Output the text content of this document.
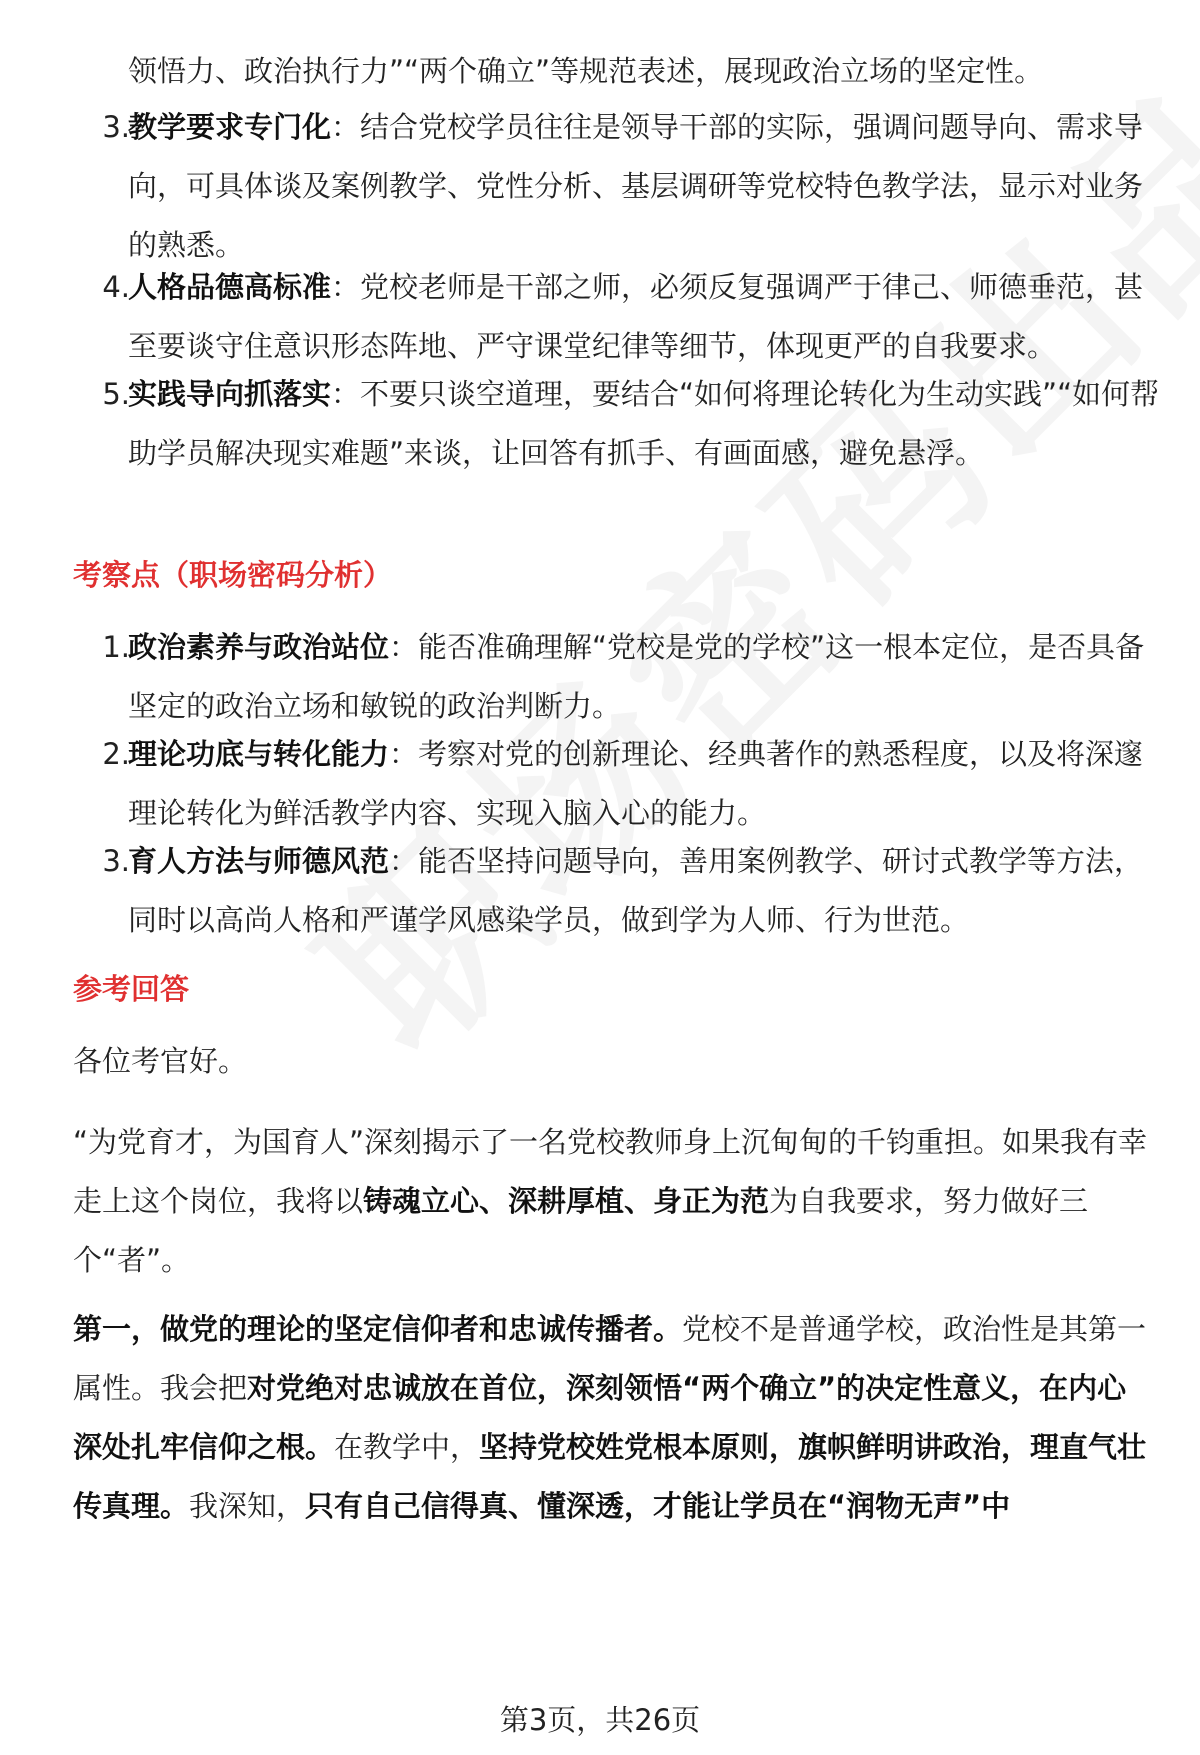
领悟力、政治执行力”“两个确立”等规范表述，展现政治立场的坚定性。
3.
教学要求专门化：结合党校学员往往是领导干部的实际，强调问题导向、需求导向，可具体谈及案例教学、党性分析、基层调研等党校特色教学法，显示对业务的熟悉。
4.
人格品德高标准：党校老师是干部之师，必须反复强调严于律己、师德垂范，甚至要谈守住意识形态阵地、严守课堂纪律等细节，体现更严的自我要求。
5.
实践导向抓落实：不要只谈空道理，要结合“如何将理论转化为生动实践”“如何帮助学员解决现实难题”来谈，让回答有抓手、有画面感，避免悬浮。
考察点（职场密码分析）
1.
政治素养与政治站位：能否准确理解“党校是党的学校”这一根本定位，是否具备坚定的政治立场和敏锐的政治判断力。
2.
理论功底与转化能力：考察对党的创新理论、经典著作的熟悉程度，以及将深邃理论转化为鲜活教学内容、实现入脑入心的能力。
3.
育人方法与师德风范：能否坚持问题导向，善用案例教学、研讨式教学等方法，同时以高尚人格和严谨学风感染学员，做到学为人师、行为世范。
参考回答
各位考官好。
“为党育才，为国育人”深刻揭示了一名党校教师身上沉甸甸的千钧重担。如果我有幸走上这个岗位，我将以铸魂立心、深耕厚植、身正为范为自我要求，努力做好三个“者”。
第一，做党的理论的坚定信仰者和忠诚传播者。党校不是普通学校，政治性是其第一属性。我会把对党绝对忠诚放在首位，深刻领悟“两个确立”的决定性意义，在内心深处扎牢信仰之根。在教学中，坚持党校姓党根本原则，旗帜鲜明讲政治，理直气壮传真理。我深知，只有自己信得真、懂深透，才能让学员在“润物无声”中
第3页，共26页
